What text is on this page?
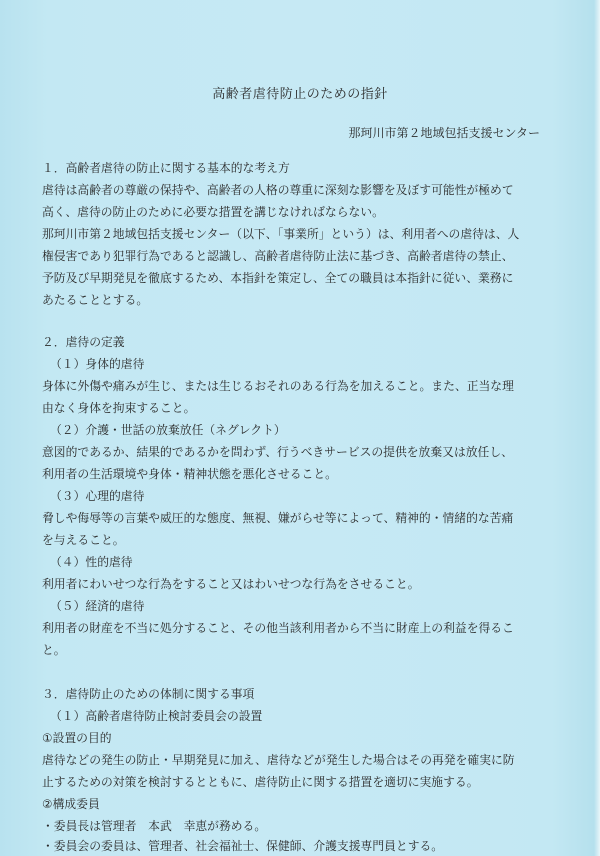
高齢者虐待防止のための指針
那珂川市第２地域包括支援センター
１．高齢者虐待の防止に関する基本的な考え方
虐待は高齢者の尊厳の保持や、高齢者の人格の尊重に深刻な影響を及ぼす可能性が極めて
高く、虐待の防止のために必要な措置を講じなければならない。
那珂川市第２地域包括支援センター（以下、「事業所」という）は、利用者への虐待は、人
権侵害であり犯罪行為であると認識し、高齢者虐待防止法に基づき、高齢者虐待の禁止、
予防及び早期発見を徹底するため、本指針を策定し、全ての職員は本指針に従い、業務に
あたることとする。
２．虐待の定義
（１）身体的虐待
身体に外傷や痛みが生じ、または生じるおそれのある行為を加えること。また、正当な理
由なく身体を拘束すること。
（２）介護・世話の放棄放任（ネグレクト）
意図的であるか、結果的であるかを問わず、行うべきサービスの提供を放棄又は放任し、
利用者の生活環境や身体・精神状態を悪化させること。
（３）心理的虐待
脅しや侮辱等の言葉や威圧的な態度、無視、嫌がらせ等によって、精神的・情緒的な苦痛
を与えること。
（４）性的虐待
利用者にわいせつな行為をすること又はわいせつな行為をさせること。
（５）経済的虐待
利用者の財産を不当に処分すること、その他当該利用者から不当に財産上の利益を得るこ
と。
３．虐待防止のための体制に関する事項
（１）高齢者虐待防止検討委員会の設置
①設置の目的
虐待などの発生の防止・早期発見に加え、虐待などが発生した場合はその再発を確実に防
止するための対策を検討するとともに、虐待防止に関する措置を適切に実施する。
②構成委員
・委員長は管理者　本武　幸恵が務める。
・委員会の委員は、管理者、社会福祉士、保健師、介護支援専門員とする。
